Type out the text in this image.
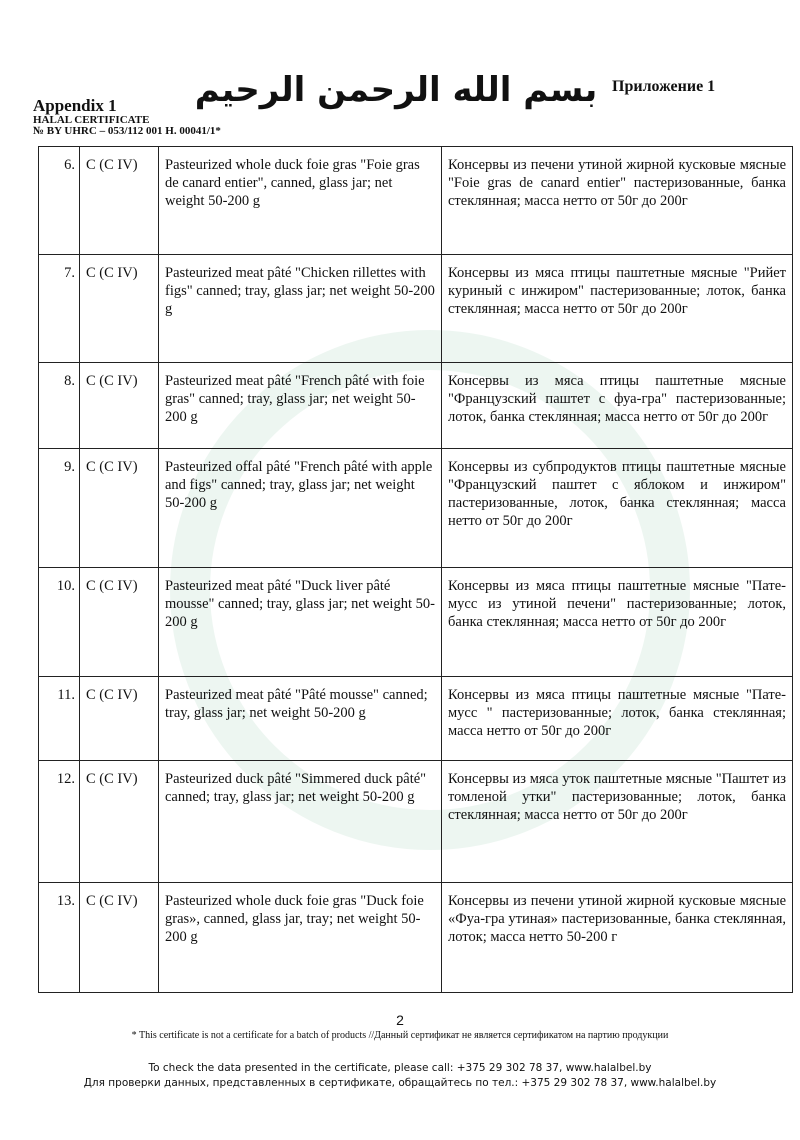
Appendix 1
HALAL CERTIFICATE
№ BY UHRC – 053/112 001 H. 00041/1*
بسم الله الرحمن الرحيم Приложение 1
6.	C (C IV)	Pasteurized whole duck foie gras "Foie gras de canard entier", canned, glass jar; net weight 50-200 g	Консервы из печени утиной жирной кусковые мясные "Foie gras de canard entier" пастеризованные, банка стеклянная; масса нетто от 50г до 200г
7.	C (C IV)	Pasteurized meat pâté "Chicken rillettes with figs" canned; tray, glass jar; net weight 50-200 g	Консервы из мяса птицы паштетные мясные "Рийет куриный с инжиром" пастеризованные; лоток, банка стеклянная; масса нетто от 50г до 200г
8.	C (C IV)	Pasteurized meat pâté "French pâté with foie gras" canned; tray, glass jar; net weight 50-200 g	Консервы из мяса птицы паштетные мясные "Французский паштет с фуа-гра" пастеризованные; лоток, банка стеклянная; масса нетто от 50г до 200г
9.	C (C IV)	Pasteurized offal pâté "French pâté with apple and figs" canned; tray, glass jar; net weight 50-200 g	Консервы из субпродуктов птицы паштетные мясные "Французский паштет с яблоком и инжиром" пастеризованные, лоток, банка стеклянная; масса нетто от 50г до 200г
10.	C (C IV)	Pasteurized meat pâté "Duck liver pâté mousse" canned; tray, glass jar; net weight 50-200 g	Консервы из мяса птицы паштетные мясные "Пате-мусс из утиной печени" пастеризованные; лоток, банка стеклянная; масса нетто от 50г до 200г
11.	C (C IV)	Pasteurized meat pâté "Pâté mousse" canned; tray, glass jar; net weight 50-200 g	Консервы из мяса птицы паштетные мясные "Пате-мусс " пастеризованные; лоток, банка стеклянная; масса нетто от 50г до 200г
12.	C (C IV)	Pasteurized duck pâté "Simmered duck pâté" canned; tray, glass jar; net weight 50-200 g	Консервы из мяса уток паштетные мясные "Паштет из томленой утки" пастеризованные; лоток, банка стеклянная; масса нетто от 50г до 200г
13.	C (C IV)	Pasteurized whole duck foie gras "Duck foie gras», canned, glass jar, tray; net weight 50-200 g	Консервы из печени утиной жирной кусковые мясные «Фуа-гра утиная» пастеризованные, банка стеклянная, лоток; масса нетто 50-200 г
2
* This certificate is not a certificate for a batch of products //Данный сертификат не является сертификатом на партию продукции
To check the data presented in the certificate, please call: +375 29 302 78 37, www.halalbel.by
Для проверки данных, представленных в сертификате, обращайтесь по тел.: +375 29 302 78 37, www.halalbel.by
